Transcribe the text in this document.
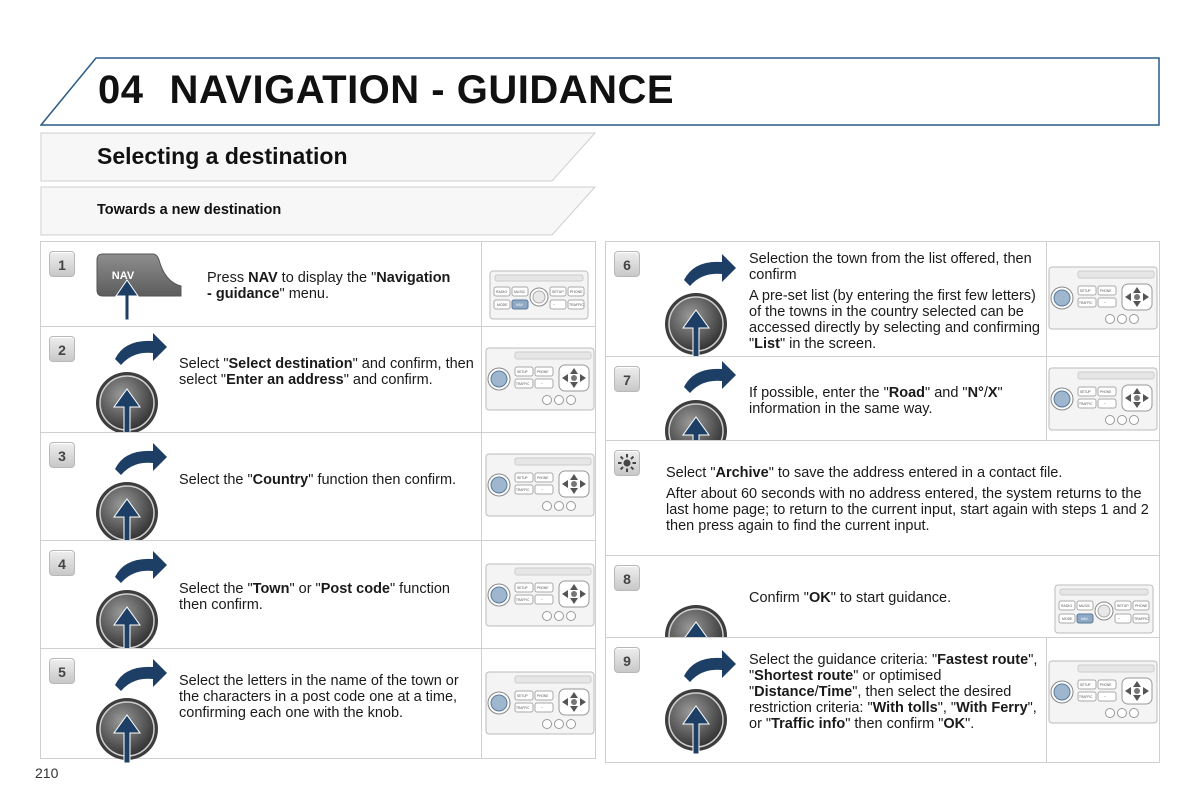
04 NAVIGATION - GUIDANCE
Selecting a destination
Towards a new destination
1
NAV	Press NAV to display the "Navigation - guidance" menu.	RADIO MUSIC	SETUP PHONE
MODE NAV	~	TRAFFIC
2

Select "Select destination" and confirm, then select "Enter an address" and confirm.	SETUP	PHONE
TRAFFIC	~
3

Select the "Country" function then confirm.	SETUP	PHONE
TRAFFIC	~
4

Select the "Town" or "Post code" function then confirm.

SETUP	PHONE
TRAFFIC	~
5

Select the letters in the name of the town or the characters in a post code one at a time, confirming each one with the knob.

SETUP	PHONE
TRAFFIC	~
6	Selection the town from the list offered, then confirm

A pre-set list (by entering the first few letters) of the towns in the country selected can be accessed directly by selecting and confirming "List" in the screen.

SETUP	PHONE
TRAFFIC	~
7

If possible, enter the "Road" and "N°/X" information in the same way.

SETUP	PHONE
TRAFFIC	~

Select "Archive" to save the address entered in a contact file.

After about 60 seconds with no address entered, the system returns to the last home page; to return to the current input, start again with steps 1 and 2 then press again to find the current input.

8

Confirm "OK" to start guidance.	RADIO MUSIC	SETUP PHONE
MODE NAV	~	TRAFFIC
9	Select the guidance criteria: "Fastest route", "Shortest route" or optimised "Distance/Time", then select the desired restriction criteria: "With tolls", "With Ferry", or "Traffic info" then confirm "OK".

SETUP	PHONE
TRAFFIC	~
210
